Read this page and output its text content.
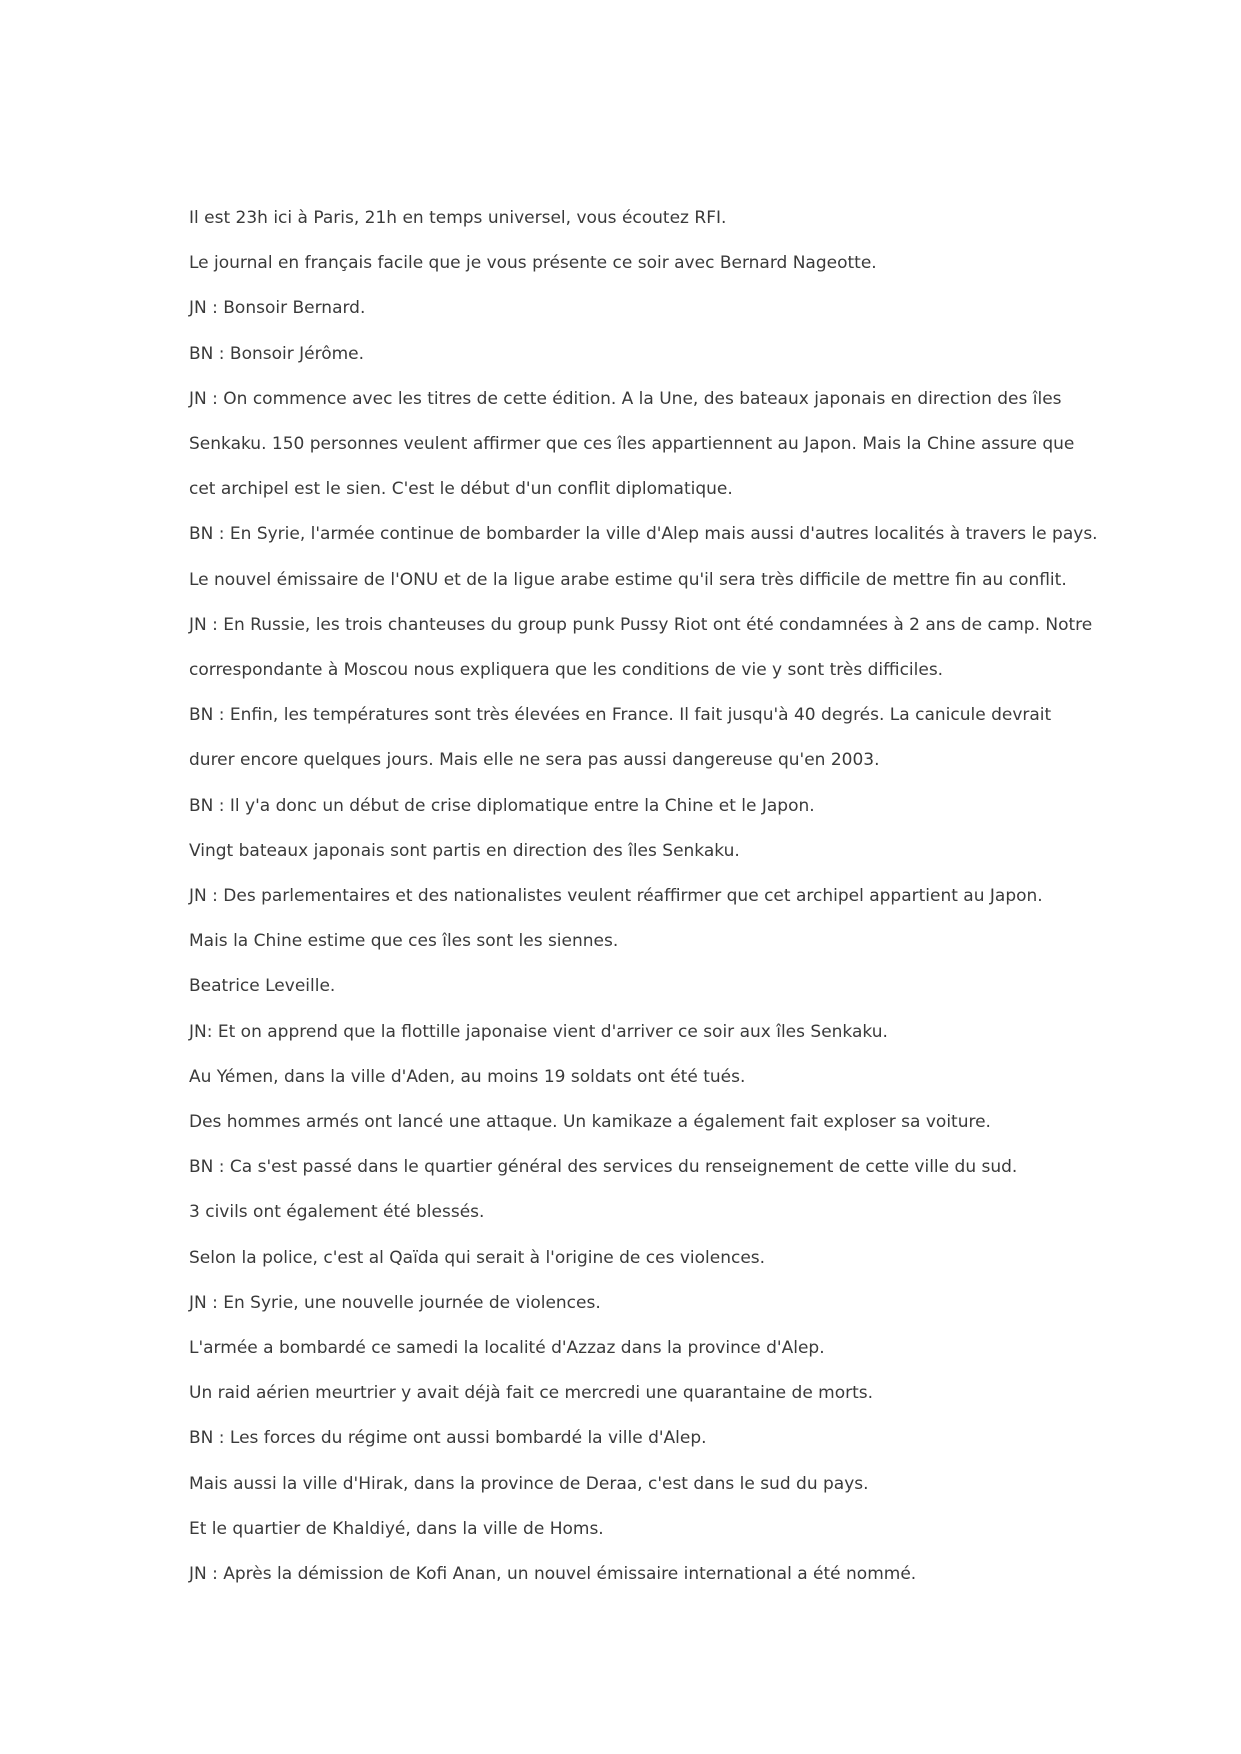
Il est 23h ici à Paris, 21h en temps universel, vous écoutez RFI.

Le journal en français facile que je vous présente ce soir avec Bernard Nageotte.

JN : Bonsoir Bernard.

BN : Bonsoir Jérôme.

JN : On commence avec les titres de cette édition. A la Une, des bateaux japonais en direction des îles

Senkaku. 150 personnes veulent affirmer que ces îles appartiennent au Japon. Mais la Chine assure que

cet archipel est le sien. C'est le début d'un conflit diplomatique.

BN : En Syrie, l'armée continue de bombarder la ville d'Alep mais aussi d'autres localités à travers le pays.

Le nouvel émissaire de l'ONU et de la ligue arabe estime qu'il sera très difficile de mettre fin au conflit.

JN : En Russie, les trois chanteuses du group punk Pussy Riot ont été condamnées à 2 ans de camp. Notre

correspondante à Moscou nous expliquera que les conditions de vie y sont très difficiles.

BN : Enfin, les températures sont très élevées en France. Il fait jusqu'à 40 degrés. La canicule devrait

durer encore quelques jours. Mais elle ne sera pas aussi dangereuse qu'en 2003.

BN : Il y'a donc un début de crise diplomatique entre la Chine et le Japon.

Vingt bateaux japonais sont partis en direction des îles Senkaku.

JN : Des parlementaires et des nationalistes veulent réaffirmer que cet archipel appartient au Japon.

Mais la Chine estime que ces îles sont les siennes.

Beatrice Leveille.

JN: Et on apprend que la flottille japonaise vient d'arriver ce soir aux îles Senkaku.

Au Yémen, dans la ville d'Aden, au moins 19 soldats ont été tués.

Des hommes armés ont lancé une attaque. Un kamikaze a également fait exploser sa voiture.

BN : Ca s'est passé dans le quartier général des services du renseignement de cette ville du sud.

3 civils ont également été blessés.

Selon la police, c'est al Qaïda qui serait à l'origine de ces violences.

JN : En Syrie, une nouvelle journée de violences.

L'armée a bombardé ce samedi la localité d'Azzaz dans la province d'Alep.

Un raid aérien meurtrier y avait déjà fait ce mercredi une quarantaine de morts.

BN : Les forces du régime ont aussi bombardé la ville d'Alep.

Mais aussi la ville d'Hirak, dans la province de Deraa, c'est dans le sud du pays.

Et le quartier de Khaldiyé, dans la ville de Homs.

JN : Après la démission de Kofi Anan, un nouvel émissaire international a été nommé.
